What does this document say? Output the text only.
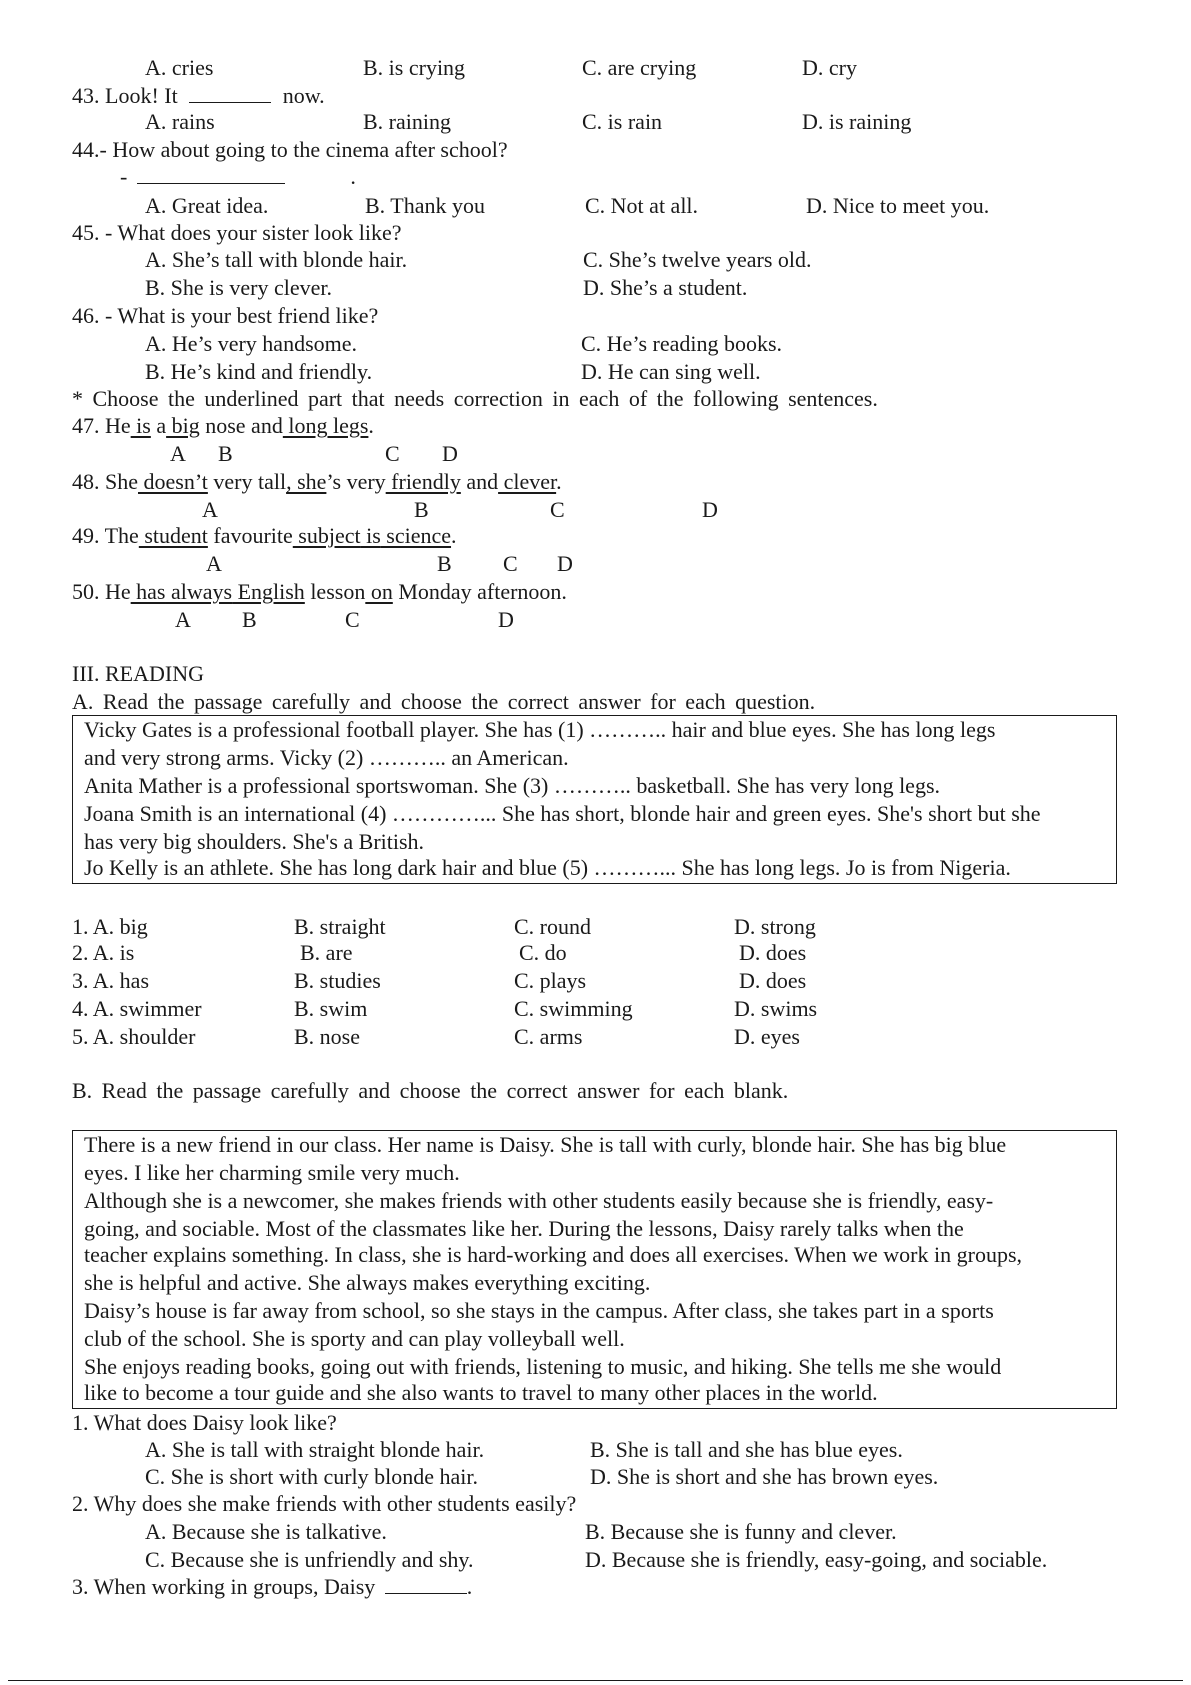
A. cries	B. is crying	C. are crying	D. cry
43. Look! It	now.
A. rains	B. raining	C. is rain	D. is raining
44.- How about going to the cinema after school?
-	.
A. Great idea.	B. Thank you	C. Not at all.	D. Nice to meet you.
45. - What does your sister look like?
A. She’s tall with blonde hair.	C. She’s twelve years old.
B. She is very clever.	D. She’s a student.
46. - What is your best friend like?
A. He’s very handsome.	C. He’s reading books.
B. He’s kind and friendly.	D. He can sing well.
* Choose the underlined part that needs correction in each of the following sentences.
47. He is a big nose and long legs.
A B	C D
48. She doesn’t very tall, she’s very friendly and clever.
A	B	C	D
49. The student favourite subject is science.
A	B C D
50. He has always English lesson on Monday afternoon.
A B	C	D
III. READING
A. Read the passage carefully and choose the correct answer for each question.
Vicky Gates is a professional football player. She has (1) ……….. hair and blue eyes. She has long legs
and very strong arms. Vicky (2) ……….. an American.
Anita Mather is a professional sportswoman. She (3) ……….. basketball. She has very long legs.
Joana Smith is an international (4) …………... She has short, blonde hair and green eyes. She's short but she
has very big shoulders. She's a British.
Jo Kelly is an athlete. She has long dark hair and blue (5) ………... She has long legs. Jo is from Nigeria.
1. A. big	B. straight	C. round	D. strong
2. A. is	B. are	C. do	D. does
3. A. has	B. studies	C. plays	D. does
4. A. swimmer	B. swim	C. swimming	D. swims
5. A. shoulder	B. nose	C. arms	D. eyes
B. Read the passage carefully and choose the correct answer for each blank.
There is a new friend in our class. Her name is Daisy. She is tall with curly, blonde hair. She has big blue
eyes. I like her charming smile very much.
Although she is a newcomer, she makes friends with other students easily because she is friendly, easy-
going, and sociable. Most of the classmates like her. During the lessons, Daisy rarely talks when the
teacher explains something. In class, she is hard-working and does all exercises. When we work in groups,
she is helpful and active. She always makes everything exciting.
Daisy’s house is far away from school, so she stays in the campus. After class, she takes part in a sports
club of the school. She is sporty and can play volleyball well.
She enjoys reading books, going out with friends, listening to music, and hiking. She tells me she would
like to become a tour guide and she also wants to travel to many other places in the world.
1. What does Daisy look like?
A. She is tall with straight blonde hair.	B. She is tall and she has blue eyes.
C. She is short with curly blonde hair.	D. She is short and she has brown eyes.
2. Why does she make friends with other students easily?
A. Because she is talkative.	B. Because she is funny and clever.
C. Because she is unfriendly and shy.	D. Because she is friendly, easy-going, and sociable.
3. When working in groups, Daisy	.
